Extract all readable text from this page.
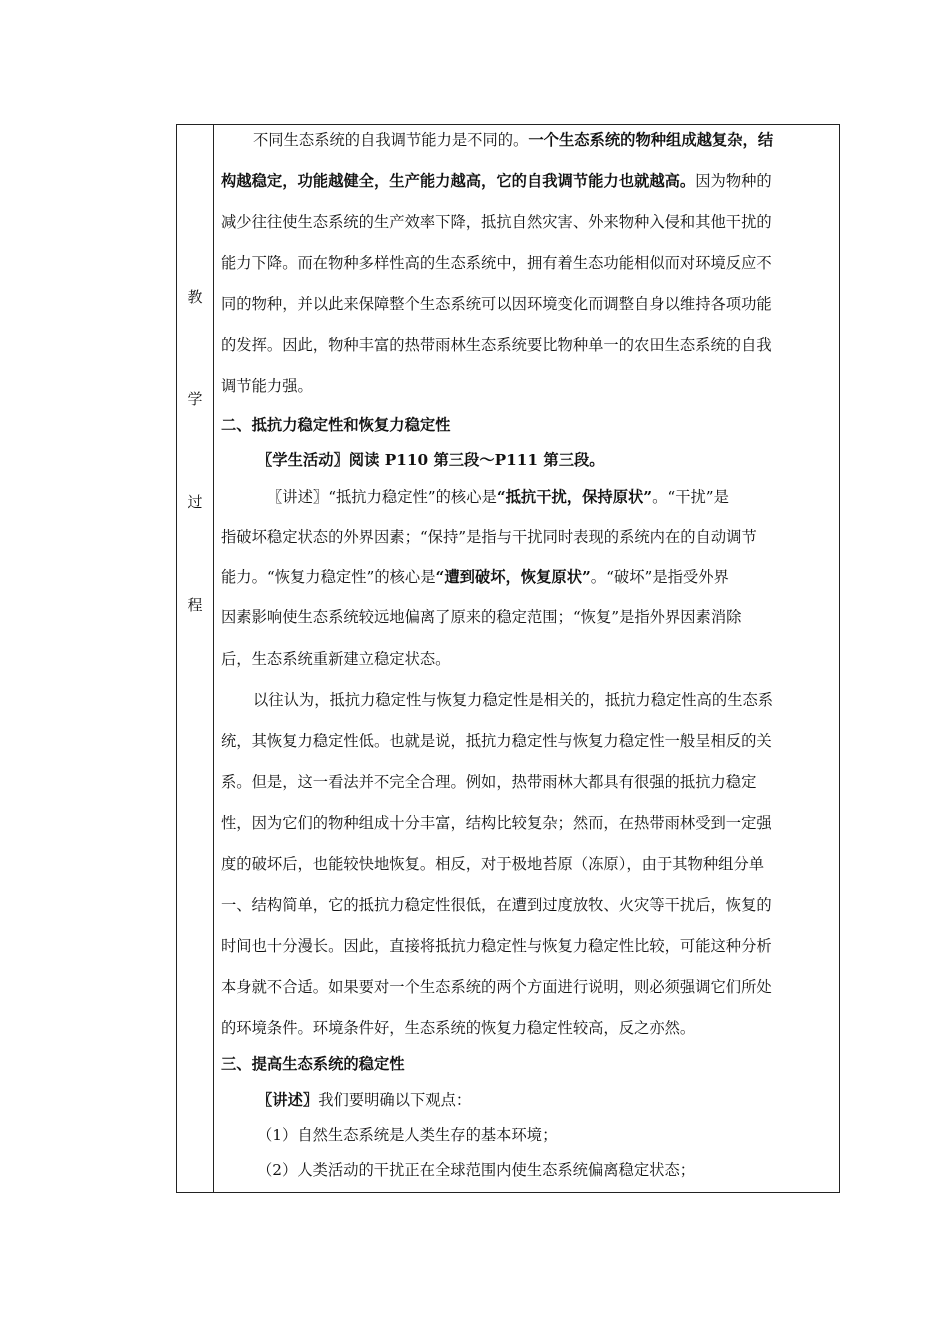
教
学
过
程
不同生态系统的自我调节能力是不同的。一个生态系统的物种组成越复杂，结
构越稳定，功能越健全，生产能力越高，它的自我调节能力也就越高。因为物种的
减少往往使生态系统的生产效率下降，抵抗自然灾害、外来物种入侵和其他干扰的
能力下降。而在物种多样性高的生态系统中，拥有着生态功能相似而对环境反应不
同的物种，并以此来保障整个生态系统可以因环境变化而调整自身以维持各项功能
的发挥。因此，物种丰富的热带雨林生态系统要比物种单一的农田生态系统的自我
调节能力强。
二、抵抗力稳定性和恢复力稳定性
〖学生活动〗阅读 P110 第三段～P111 第三段。
〖讲述〗“抵抗力稳定性”的核心是“抵抗干扰，保持原状”。“干扰”是
指破坏稳定状态的外界因素；“保持”是指与干扰同时表现的系统内在的自动调节
能力。“恢复力稳定性”的核心是“遭到破坏，恢复原状”。“破坏”是指受外界
因素影响使生态系统较远地偏离了原来的稳定范围；“恢复”是指外界因素消除
后，生态系统重新建立稳定状态。
以往认为，抵抗力稳定性与恢复力稳定性是相关的，抵抗力稳定性高的生态系
统，其恢复力稳定性低。也就是说，抵抗力稳定性与恢复力稳定性一般呈相反的关
系。但是，这一看法并不完全合理。例如，热带雨林大都具有很强的抵抗力稳定
性，因为它们的物种组成十分丰富，结构比较复杂；然而，在热带雨林受到一定强
度的破坏后，也能较快地恢复。相反，对于极地苔原（冻原），由于其物种组分单
一、结构简单，它的抵抗力稳定性很低，在遭到过度放牧、火灾等干扰后，恢复的
时间也十分漫长。因此，直接将抵抗力稳定性与恢复力稳定性比较，可能这种分析
本身就不合适。如果要对一个生态系统的两个方面进行说明，则必须强调它们所处
的环境条件。环境条件好，生态系统的恢复力稳定性较高，反之亦然。
三、提高生态系统的稳定性
〖讲述〗我们要明确以下观点：
（1）自然生态系统是人类生存的基本环境；
（2）人类活动的干扰正在全球范围内使生态系统偏离稳定状态；
